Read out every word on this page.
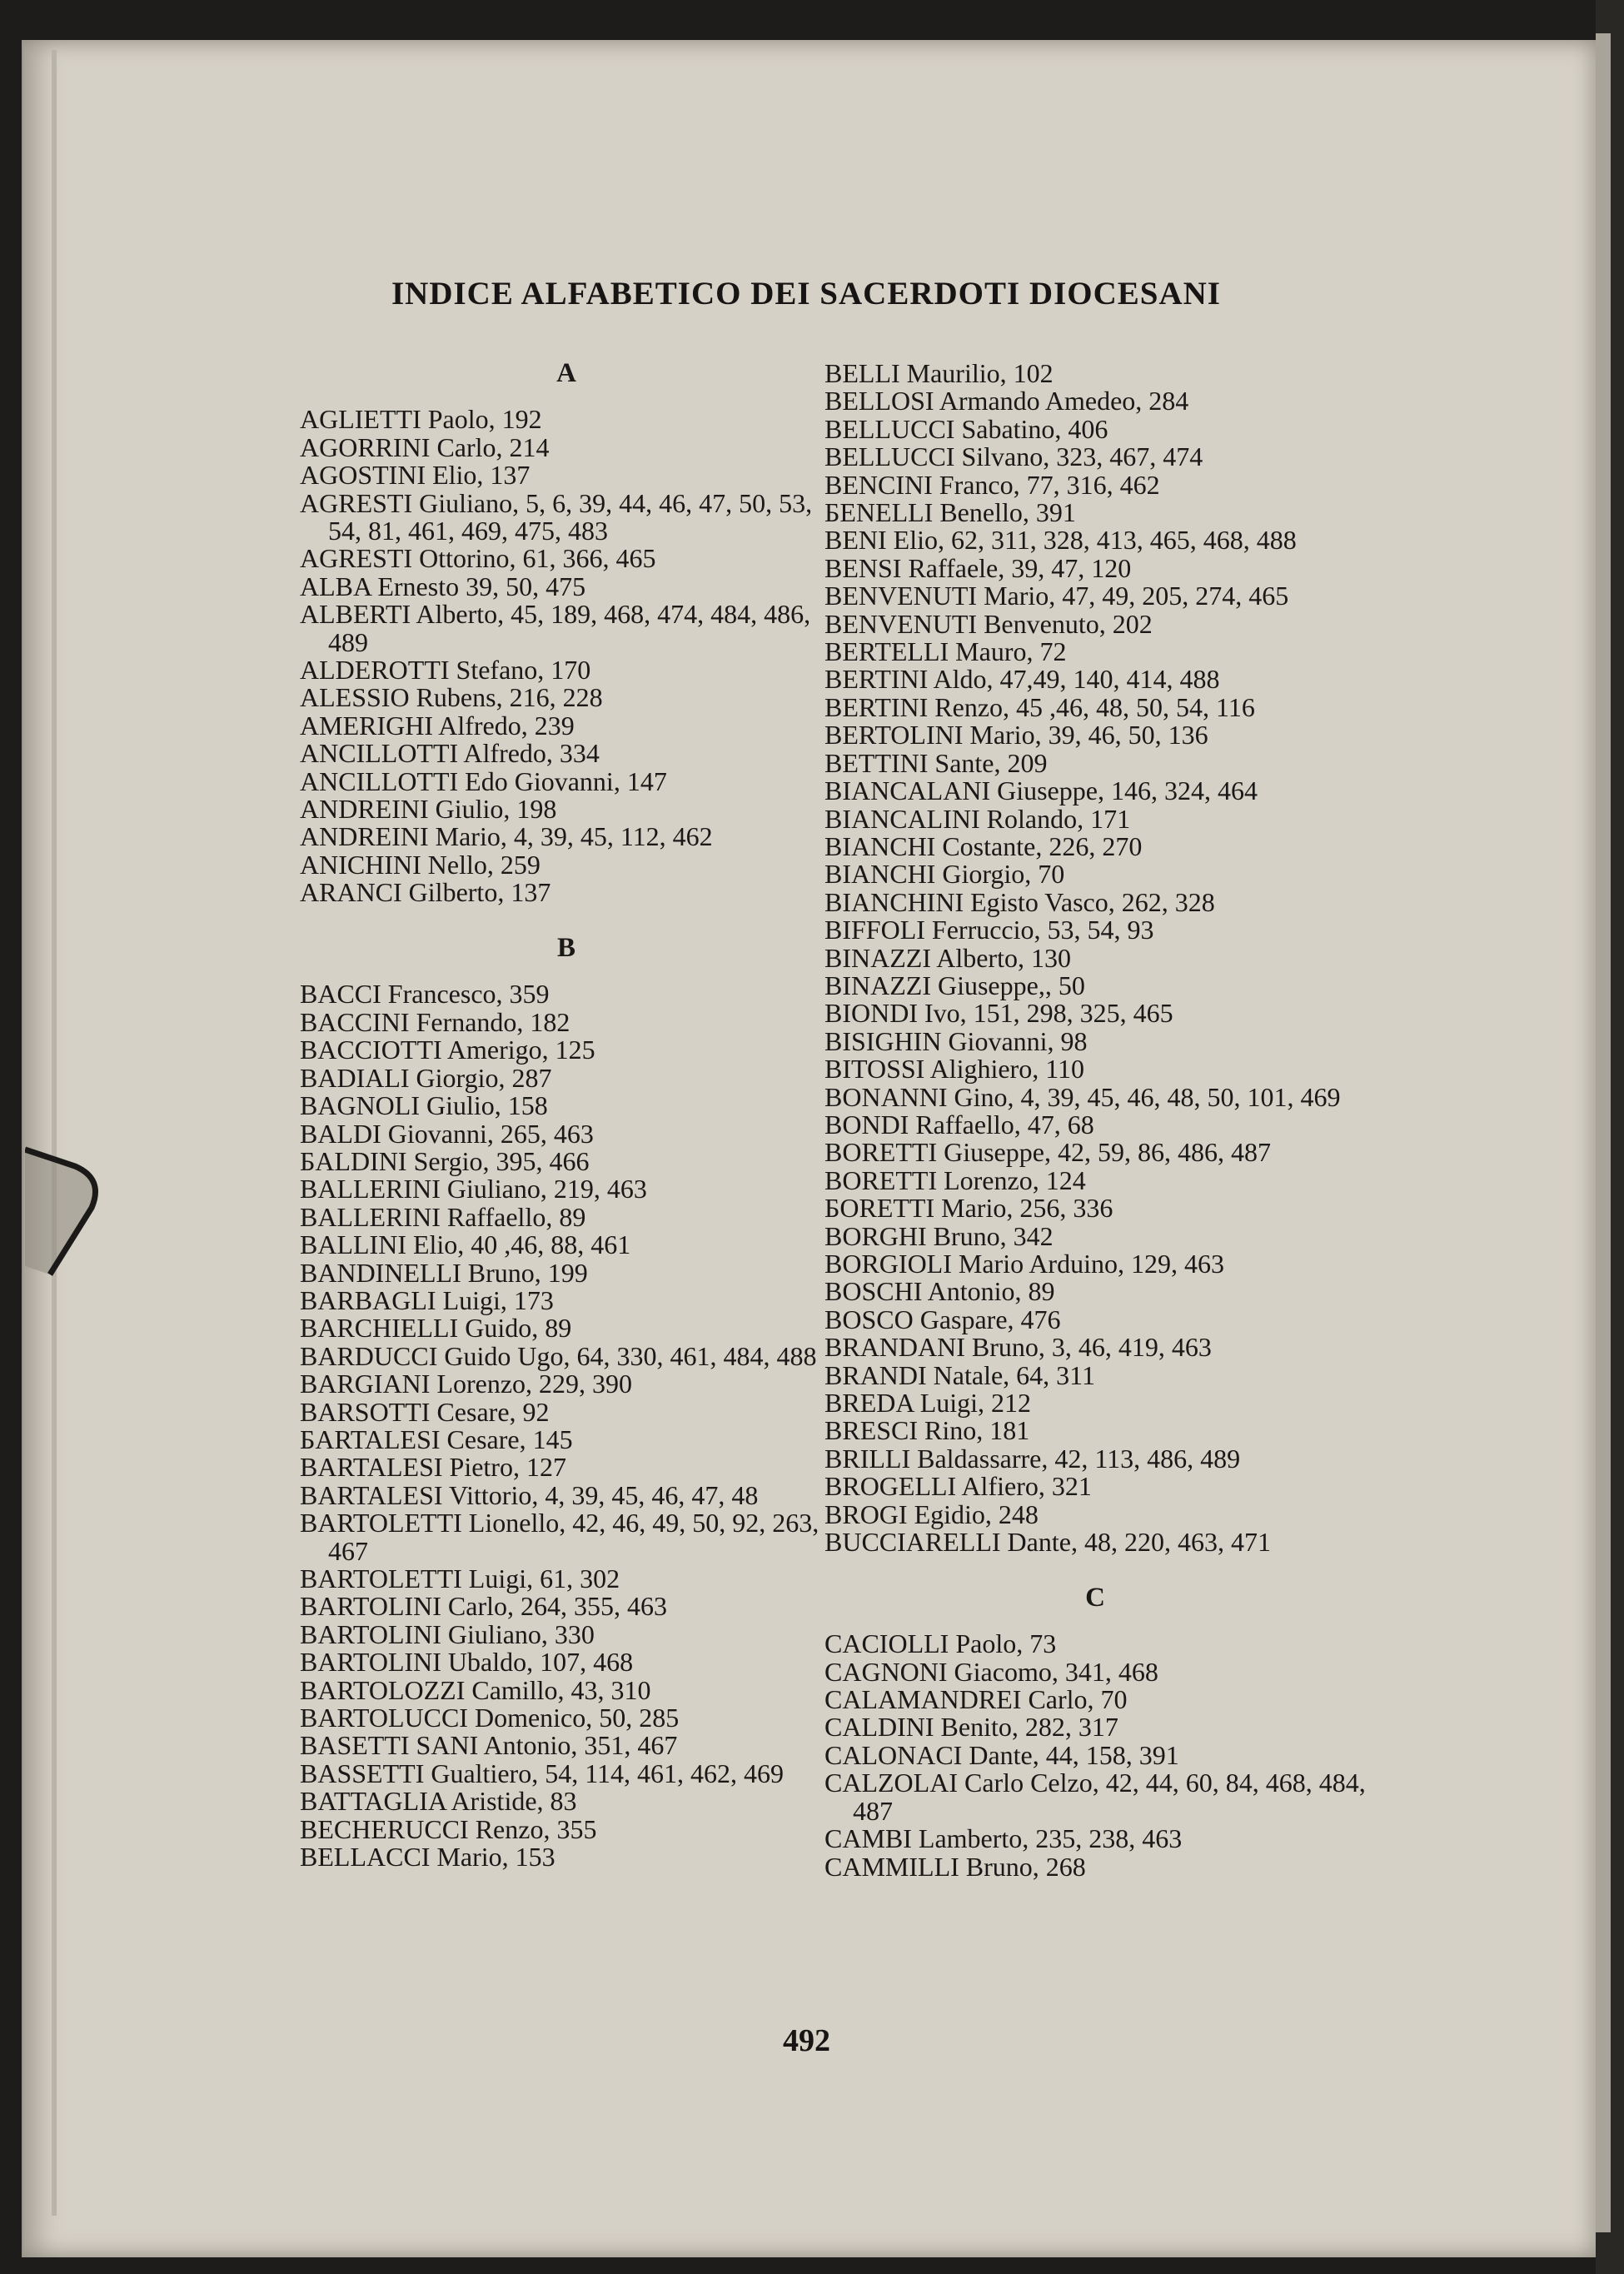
INDICE ALFABETICO DEI SACERDOTI DIOCESANI
A
AGLIETTI Paolo, 192
AGORRINI Carlo, 214
AGOSTINI Elio, 137
AGRESTI Giuliano, 5, 6, 39, 44, 46, 47, 50, 53, 54, 81, 461, 469, 475, 483
AGRESTI Ottorino, 61, 366, 465
ALBA Ernesto 39, 50, 475
ALBERTI Alberto, 45, 189, 468, 474, 484, 486, 489
ALDEROTTI Stefano, 170
ALESSIO Rubens, 216, 228
AMERIGHI Alfredo, 239
ANCILLOTTI Alfredo, 334
ANCILLOTTI Edo Giovanni, 147
ANDREINI Giulio, 198
ANDREINI Mario, 4, 39, 45, 112, 462
ANICHINI Nello, 259
ARANCI Gilberto, 137
B
BACCI Francesco, 359
BACCINI Fernando, 182
BACCIOTTI Amerigo, 125
BADIALI Giorgio, 287
BAGNOLI Giulio, 158
BALDI Giovanni, 265, 463
БALDINI Sergio, 395, 466
BALLERINI Giuliano, 219, 463
BALLERINI Raffaello, 89
BALLINI Elio, 40 ,46, 88, 461
BANDINELLI Bruno, 199
BARBAGLI Luigi, 173
BARCHIELLI Guido, 89
BARDUCCI Guido Ugo, 64, 330, 461, 484, 488
BARGIANI Lorenzo, 229, 390
BARSOTTI Cesare, 92
БARTALESI Cesare, 145
BARTALESI Pietro, 127
BARTALESI Vittorio, 4, 39, 45, 46, 47, 48
BARTOLETTI Lionello, 42, 46, 49, 50, 92, 263, 467
BARTOLETTI Luigi, 61, 302
BARTOLINI Carlo, 264, 355, 463
BARTOLINI Giuliano, 330
BARTOLINI Ubaldo, 107, 468
BARTOLOZZI Camillo, 43, 310
BARTOLUCCI Domenico, 50, 285
BASETTI SANI Antonio, 351, 467
BASSETTI Gualtiero, 54, 114, 461, 462, 469
BATTAGLIA Aristide, 83
BECHERUCCI Renzo, 355
BELLACCI Mario, 153
BELLI Maurilio, 102
BELLOSI Armando Amedeo, 284
BELLUCCI Sabatino, 406
BELLUCCI Silvano, 323, 467, 474
BENCINI Franco, 77, 316, 462
БENELLI Benello, 391
BENI Elio, 62, 311, 328, 413, 465, 468, 488
BENSI Raffaele, 39, 47, 120
BENVENUTI Mario, 47, 49, 205, 274, 465
BENVENUTI Benvenuto, 202
BERTELLI Mauro, 72
BERTINI Aldo, 47,49, 140, 414, 488
BERTINI Renzo, 45 ,46, 48, 50, 54, 116
BERTOLINI Mario, 39, 46, 50, 136
BETTINI Sante, 209
BIANCALANI Giuseppe, 146, 324, 464
BIANCALINI Rolando, 171
BIANCHI Costante, 226, 270
BIANCHI Giorgio, 70
BIANCHINI Egisto Vasco, 262, 328
BIFFOLI Ferruccio, 53, 54, 93
BINAZZI Alberto, 130
BINAZZI Giuseppe,, 50
BIONDI Ivo, 151, 298, 325, 465
BISIGHIN Giovanni, 98
BITOSSI Alighiero, 110
BONANNI Gino, 4, 39, 45, 46, 48, 50, 101, 469
BONDI Raffaello, 47, 68
BORETTI Giuseppe, 42, 59, 86, 486, 487
BORETTI Lorenzo, 124
БORETTI Mario, 256, 336
BORGHI Bruno, 342
BORGIOLI Mario Arduino, 129, 463
BOSCHI Antonio, 89
BOSCO Gaspare, 476
BRANDANI Bruno, 3, 46, 419, 463
BRANDI Natale, 64, 311
BREDA Luigi, 212
BRESCI Rino, 181
BRILLI Baldassarre, 42, 113, 486, 489
BROGELLI Alfiero, 321
BROGI Egidio, 248
BUCCIARELLI Dante, 48, 220, 463, 471
C
CACIOLLI Paolo, 73
CAGNONI Giacomo, 341, 468
CALAMANDREI Carlo, 70
CALDINI Benito, 282, 317
CALONACI Dante, 44, 158, 391
CALZOLAI Carlo Celzo, 42, 44, 60, 84, 468, 484, 487
CAMBI Lamberto, 235, 238, 463
CAMMILLI Bruno, 268
492
